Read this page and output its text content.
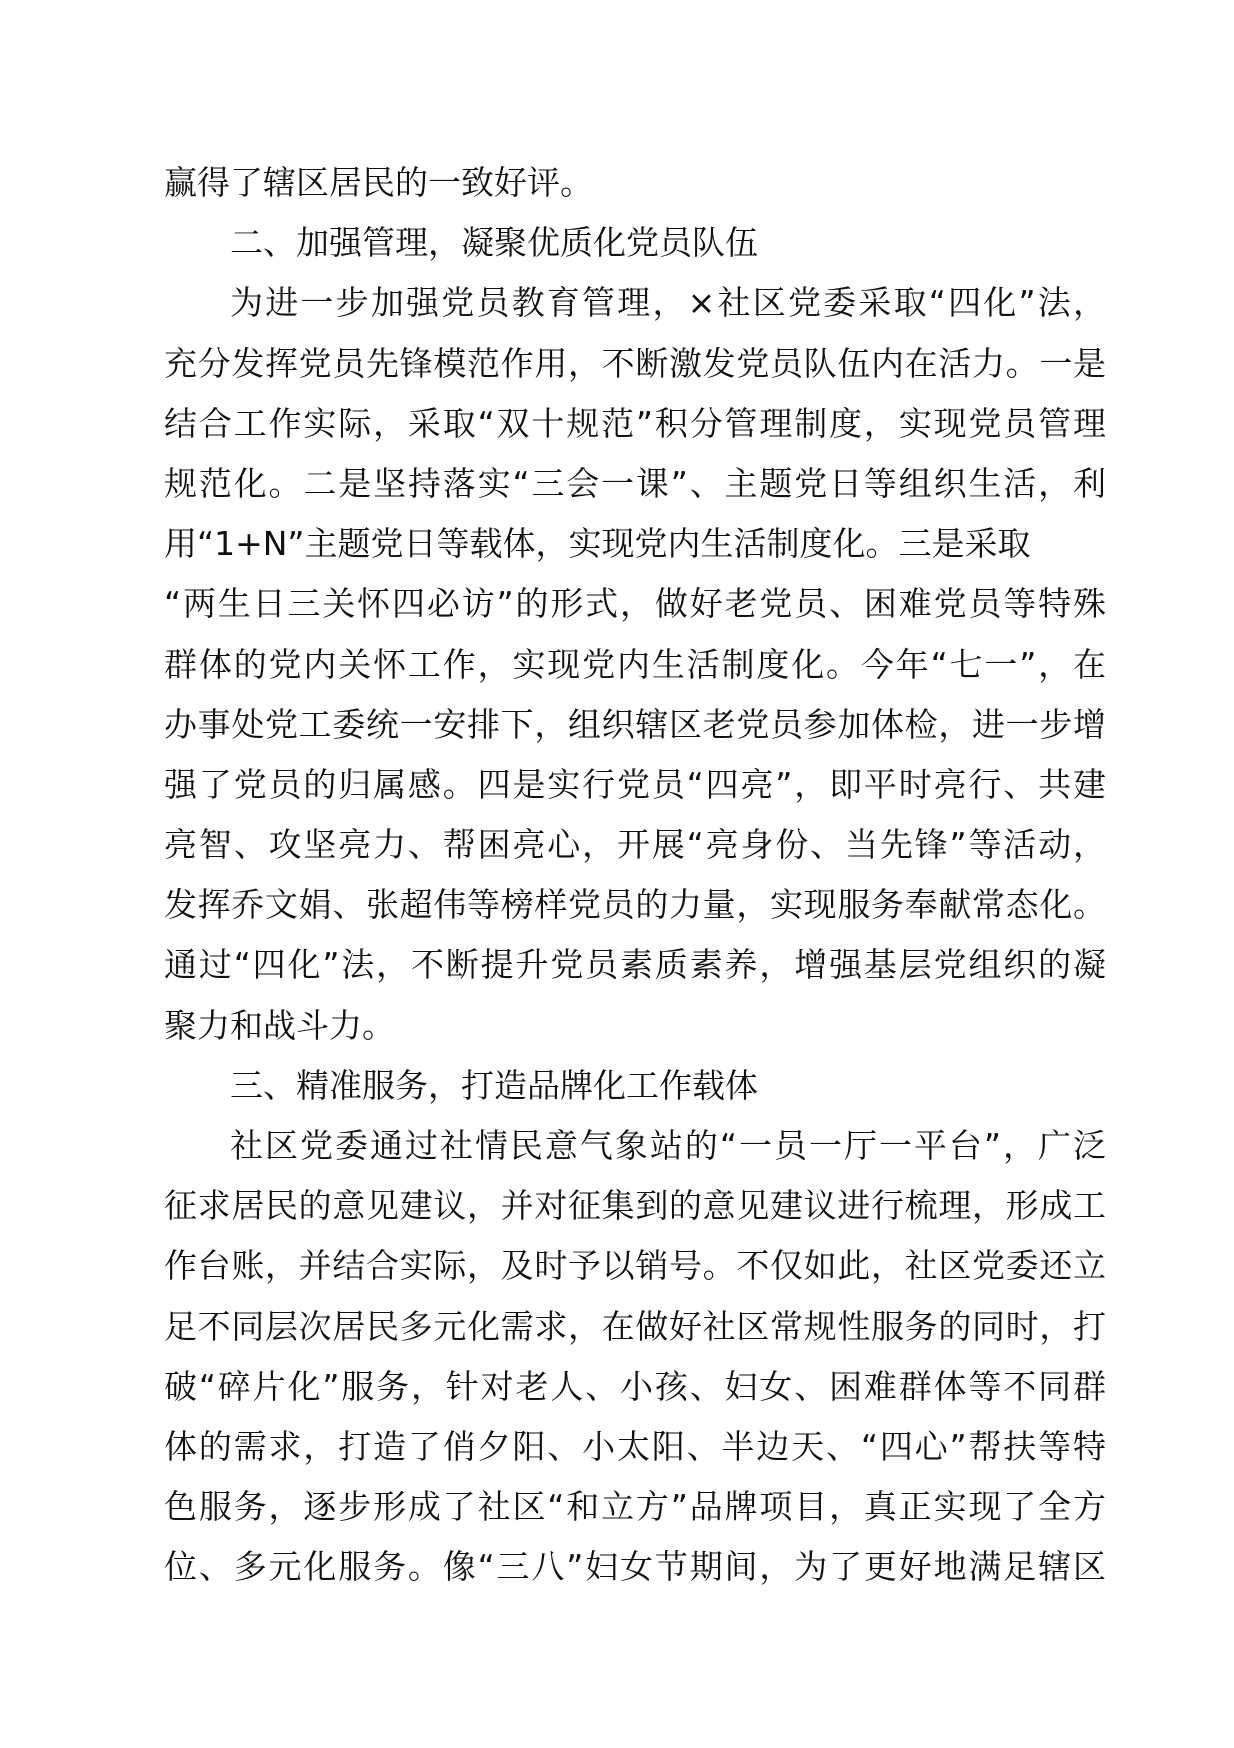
赢得了辖区居民的一致好评。
二、加强管理，凝聚优质化党员队伍
为进一步加强党员教育管理，×社区党委采取“四化”法，
充分发挥党员先锋模范作用，不断激发党员队伍内在活力。一是
结合工作实际，采取“双十规范”积分管理制度，实现党员管理
规范化。二是坚持落实“三会一课”、主题党日等组织生活，利
用“1+N”主题党日等载体，实现党内生活制度化。三是采取
“两生日三关怀四必访”的形式，做好老党员、困难党员等特殊
群体的党内关怀工作，实现党内生活制度化。今年“七一”，在
办事处党工委统一安排下，组织辖区老党员参加体检，进一步增
强了党员的归属感。四是实行党员“四亮”，即平时亮行、共建
亮智、攻坚亮力、帮困亮心，开展“亮身份、当先锋”等活动，
发挥乔文娟、张超伟等榜样党员的力量，实现服务奉献常态化。
通过“四化”法，不断提升党员素质素养，增强基层党组织的凝
聚力和战斗力。
三、精准服务，打造品牌化工作载体
社区党委通过社情民意气象站的“一员一厅一平台”，广泛
征求居民的意见建议，并对征集到的意见建议进行梳理，形成工
作台账，并结合实际，及时予以销号。不仅如此，社区党委还立
足不同层次居民多元化需求，在做好社区常规性服务的同时，打
破“碎片化”服务，针对老人、小孩、妇女、困难群体等不同群
体的需求，打造了俏夕阳、小太阳、半边天、“四心”帮扶等特
色服务，逐步形成了社区“和立方”品牌项目，真正实现了全方
位、多元化服务。像“三八”妇女节期间，为了更好地满足辖区
